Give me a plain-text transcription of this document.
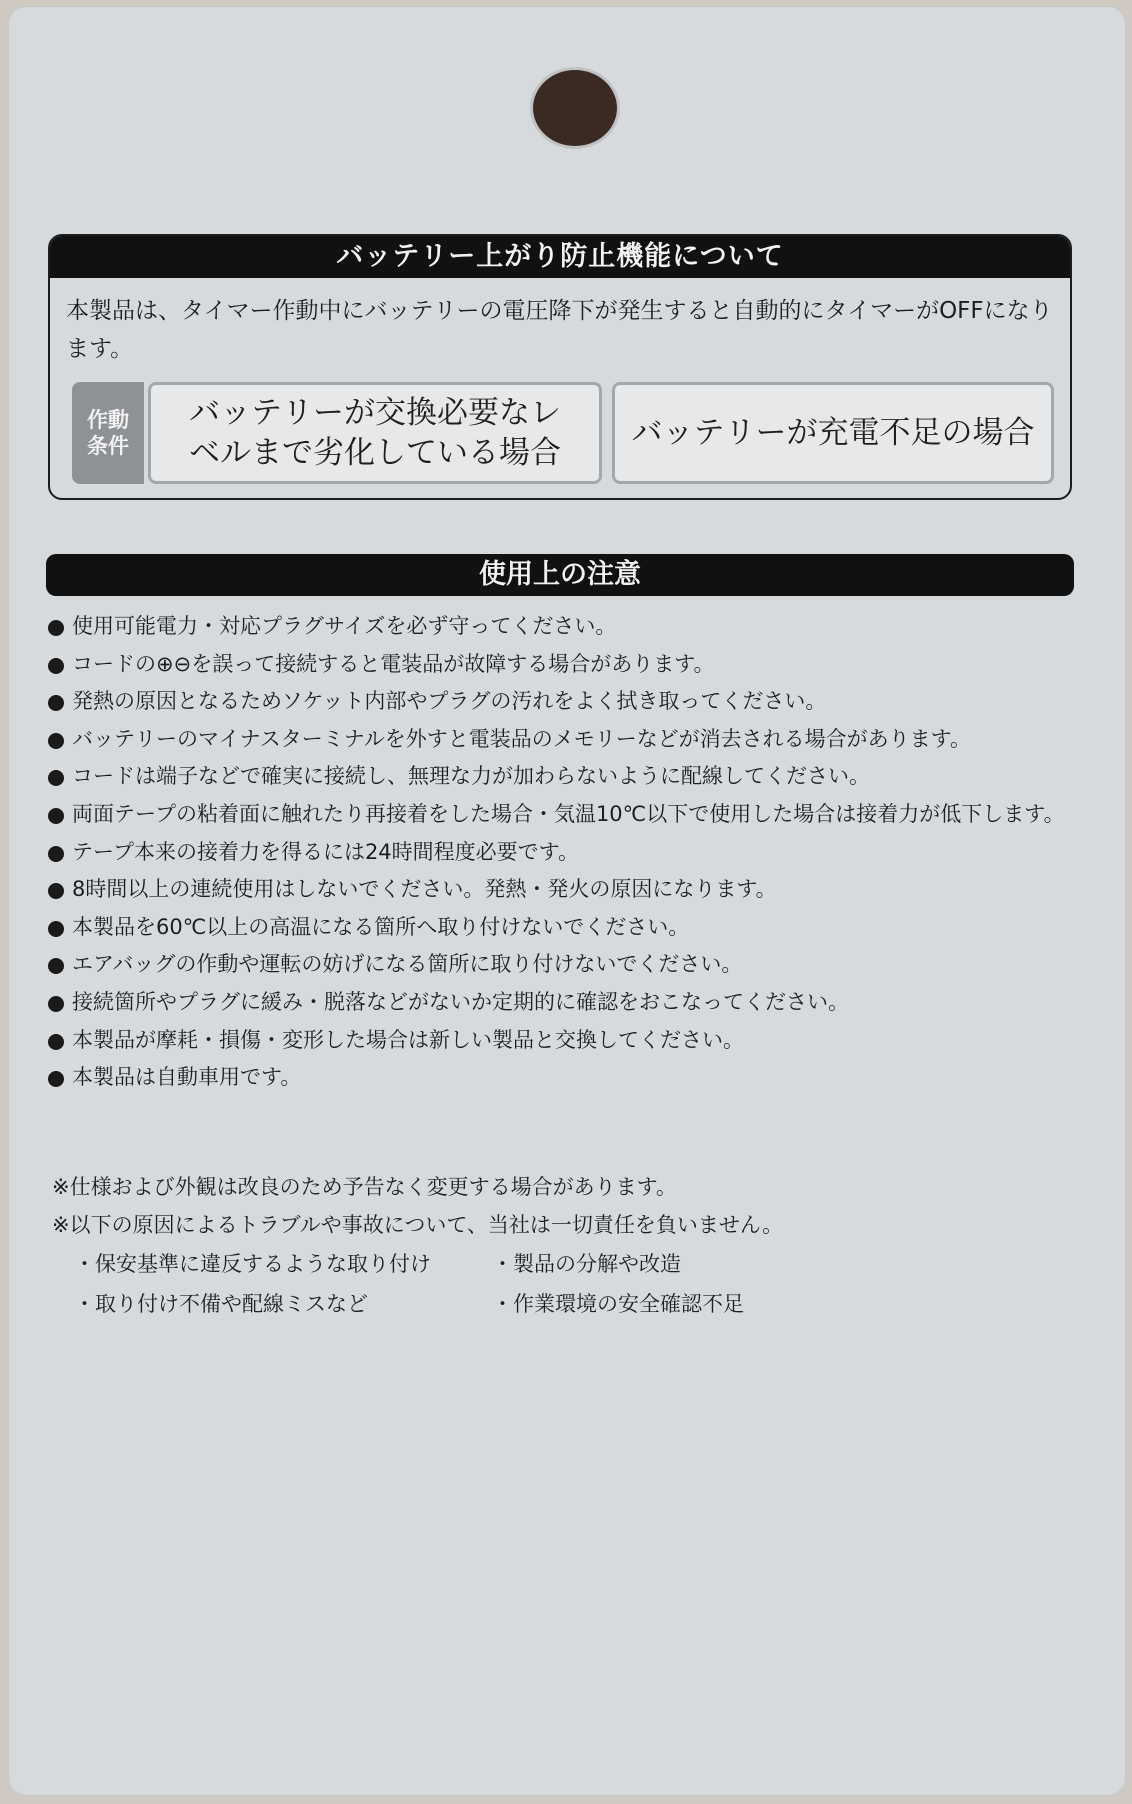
バッテリー上がり防止機能について
本製品は、タイマー作動中にバッテリーの電圧降下が発生すると自動的にタイマーがOFFになります。
作動条件
バッテリーが交換必要なレベルまで劣化している場合
バッテリーが充電不足の場合
使用上の注意
使用可能電力・対応プラグサイズを必ず守ってください。
コードの⊕⊖を誤って接続すると電装品が故障する場合があります。
発熱の原因となるためソケット内部やプラグの汚れをよく拭き取ってください。
バッテリーのマイナスターミナルを外すと電装品のメモリーなどが消去される場合があります。
コードは端子などで確実に接続し、無理な力が加わらないように配線してください。
両面テープの粘着面に触れたり再接着をした場合・気温10℃以下で使用した場合は接着力が低下します。
テープ本来の接着力を得るには24時間程度必要です。
8時間以上の連続使用はしないでください。発熱・発火の原因になります。
本製品を60℃以上の高温になる箇所へ取り付けないでください。
エアバッグの作動や運転の妨げになる箇所に取り付けないでください。
接続箇所やプラグに緩み・脱落などがないか定期的に確認をおこなってください。
本製品が摩耗・損傷・変形した場合は新しい製品と交換してください。
本製品は自動車用です。
※仕様および外観は改良のため予告なく変更する場合があります。
※以下の原因によるトラブルや事故について、当社は一切責任を負いません。
・保安基準に違反するような取り付け	・製品の分解や改造
・取り付け不備や配線ミスなど	・作業環境の安全確認不足
